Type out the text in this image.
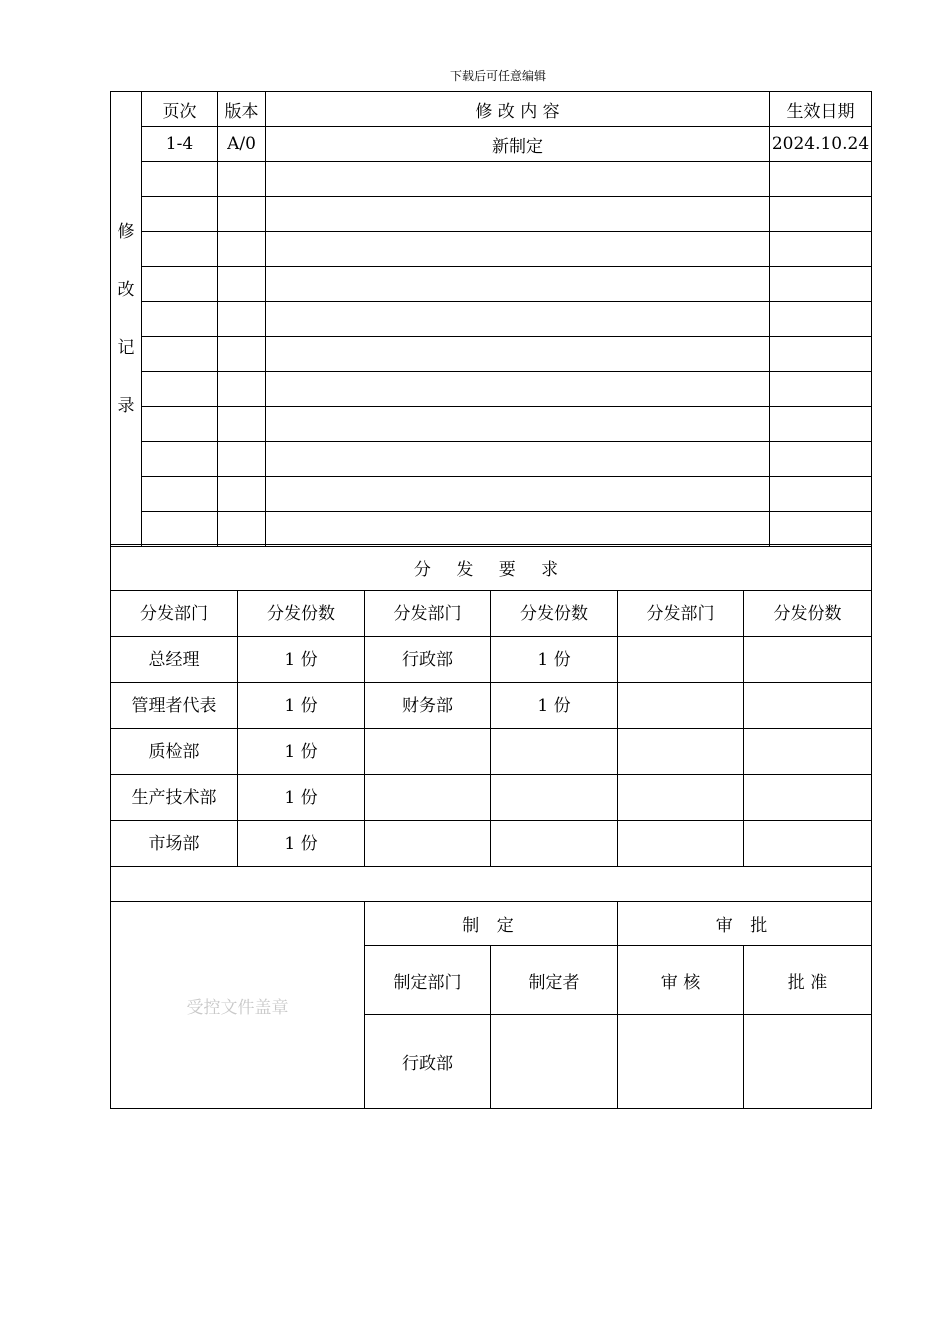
下载后可任意编辑
修
改
记
录	页次	版本	修 改 内 容	生效日期
	1-4	A/0	新制定	2024.10.24

分 发 要 求					
分发部门	分发份数	分发部门	分发份数	分发部门	分发份数
总经理	1 份	行政部	1 份		
管理者代表	1 份	财务部	1 份		
质检部	1 份				
生产技术部	1 份				
市场部	1 份				

受控文件盖章	制 定		审 批	
	制定部门	制定者	审 核	批 准
	行政部			
